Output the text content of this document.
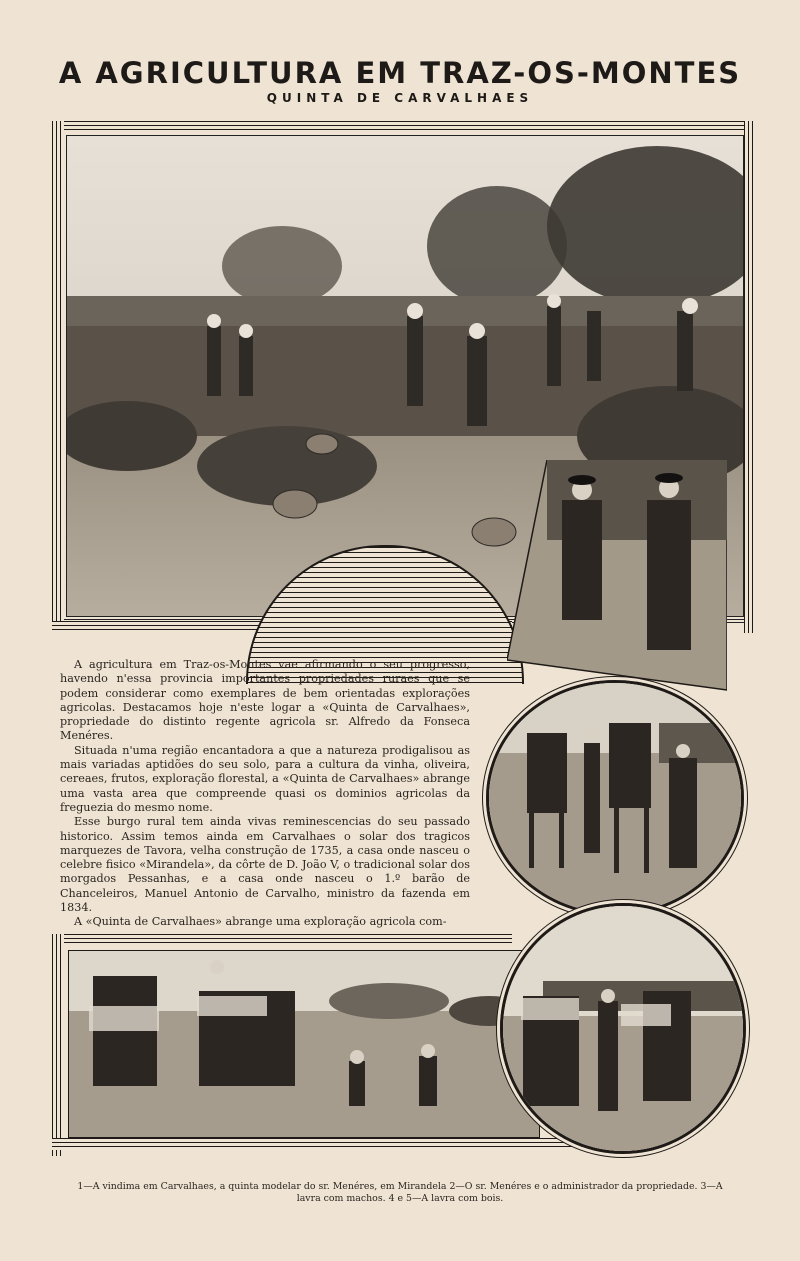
A AGRICULTURA EM TRAZ-OS-MONTES
QUINTA DE CARVALHAES

A agricultura em Traz-os-Montes vae afirmando o seu progresso, havendo n'essa provincia importantes propriedades ruraes que se podem considerar como exemplares de bem orientadas explorações agricolas. Destacamos hoje n'este logar a «Quinta de Carvalhaes», propriedade do distinto regente agricola sr. Alfredo da Fonseca Menéres.

Situada n'uma região encantadora a que a natureza prodigalisou as mais variadas aptidões do seu solo, para a cultura da vinha, oliveira, cereaes, frutos, exploração florestal, a «Quinta de Carvalhaes» abrange uma vasta area que compreende quasi os dominios agricolas da freguezia do mesmo nome.

Esse burgo rural tem ainda vivas reminescencias do seu passado historico. Assim temos ainda em Carvalhaes o solar dos tragicos marquezes de Tavora, velha construção de 1735, a casa onde nasceu o celebre fisico «Mirandela», da côrte de D. João V, o tradicional solar dos morgados Pessanhas, e a casa onde nasceu o 1.º barão de Chanceleiros, Manuel Antonio de Carvalho, ministro da fazenda em 1834.

A «Quinta de Carvalhaes» abrange uma exploração agricola com-

1—A vindima em Carvalhaes, a quinta modelar do sr. Menéres, em Mirandela 2—O sr. Menéres e o administrador da propriedade. 3—A lavra com machos. 4 e 5—A lavra com bois.
